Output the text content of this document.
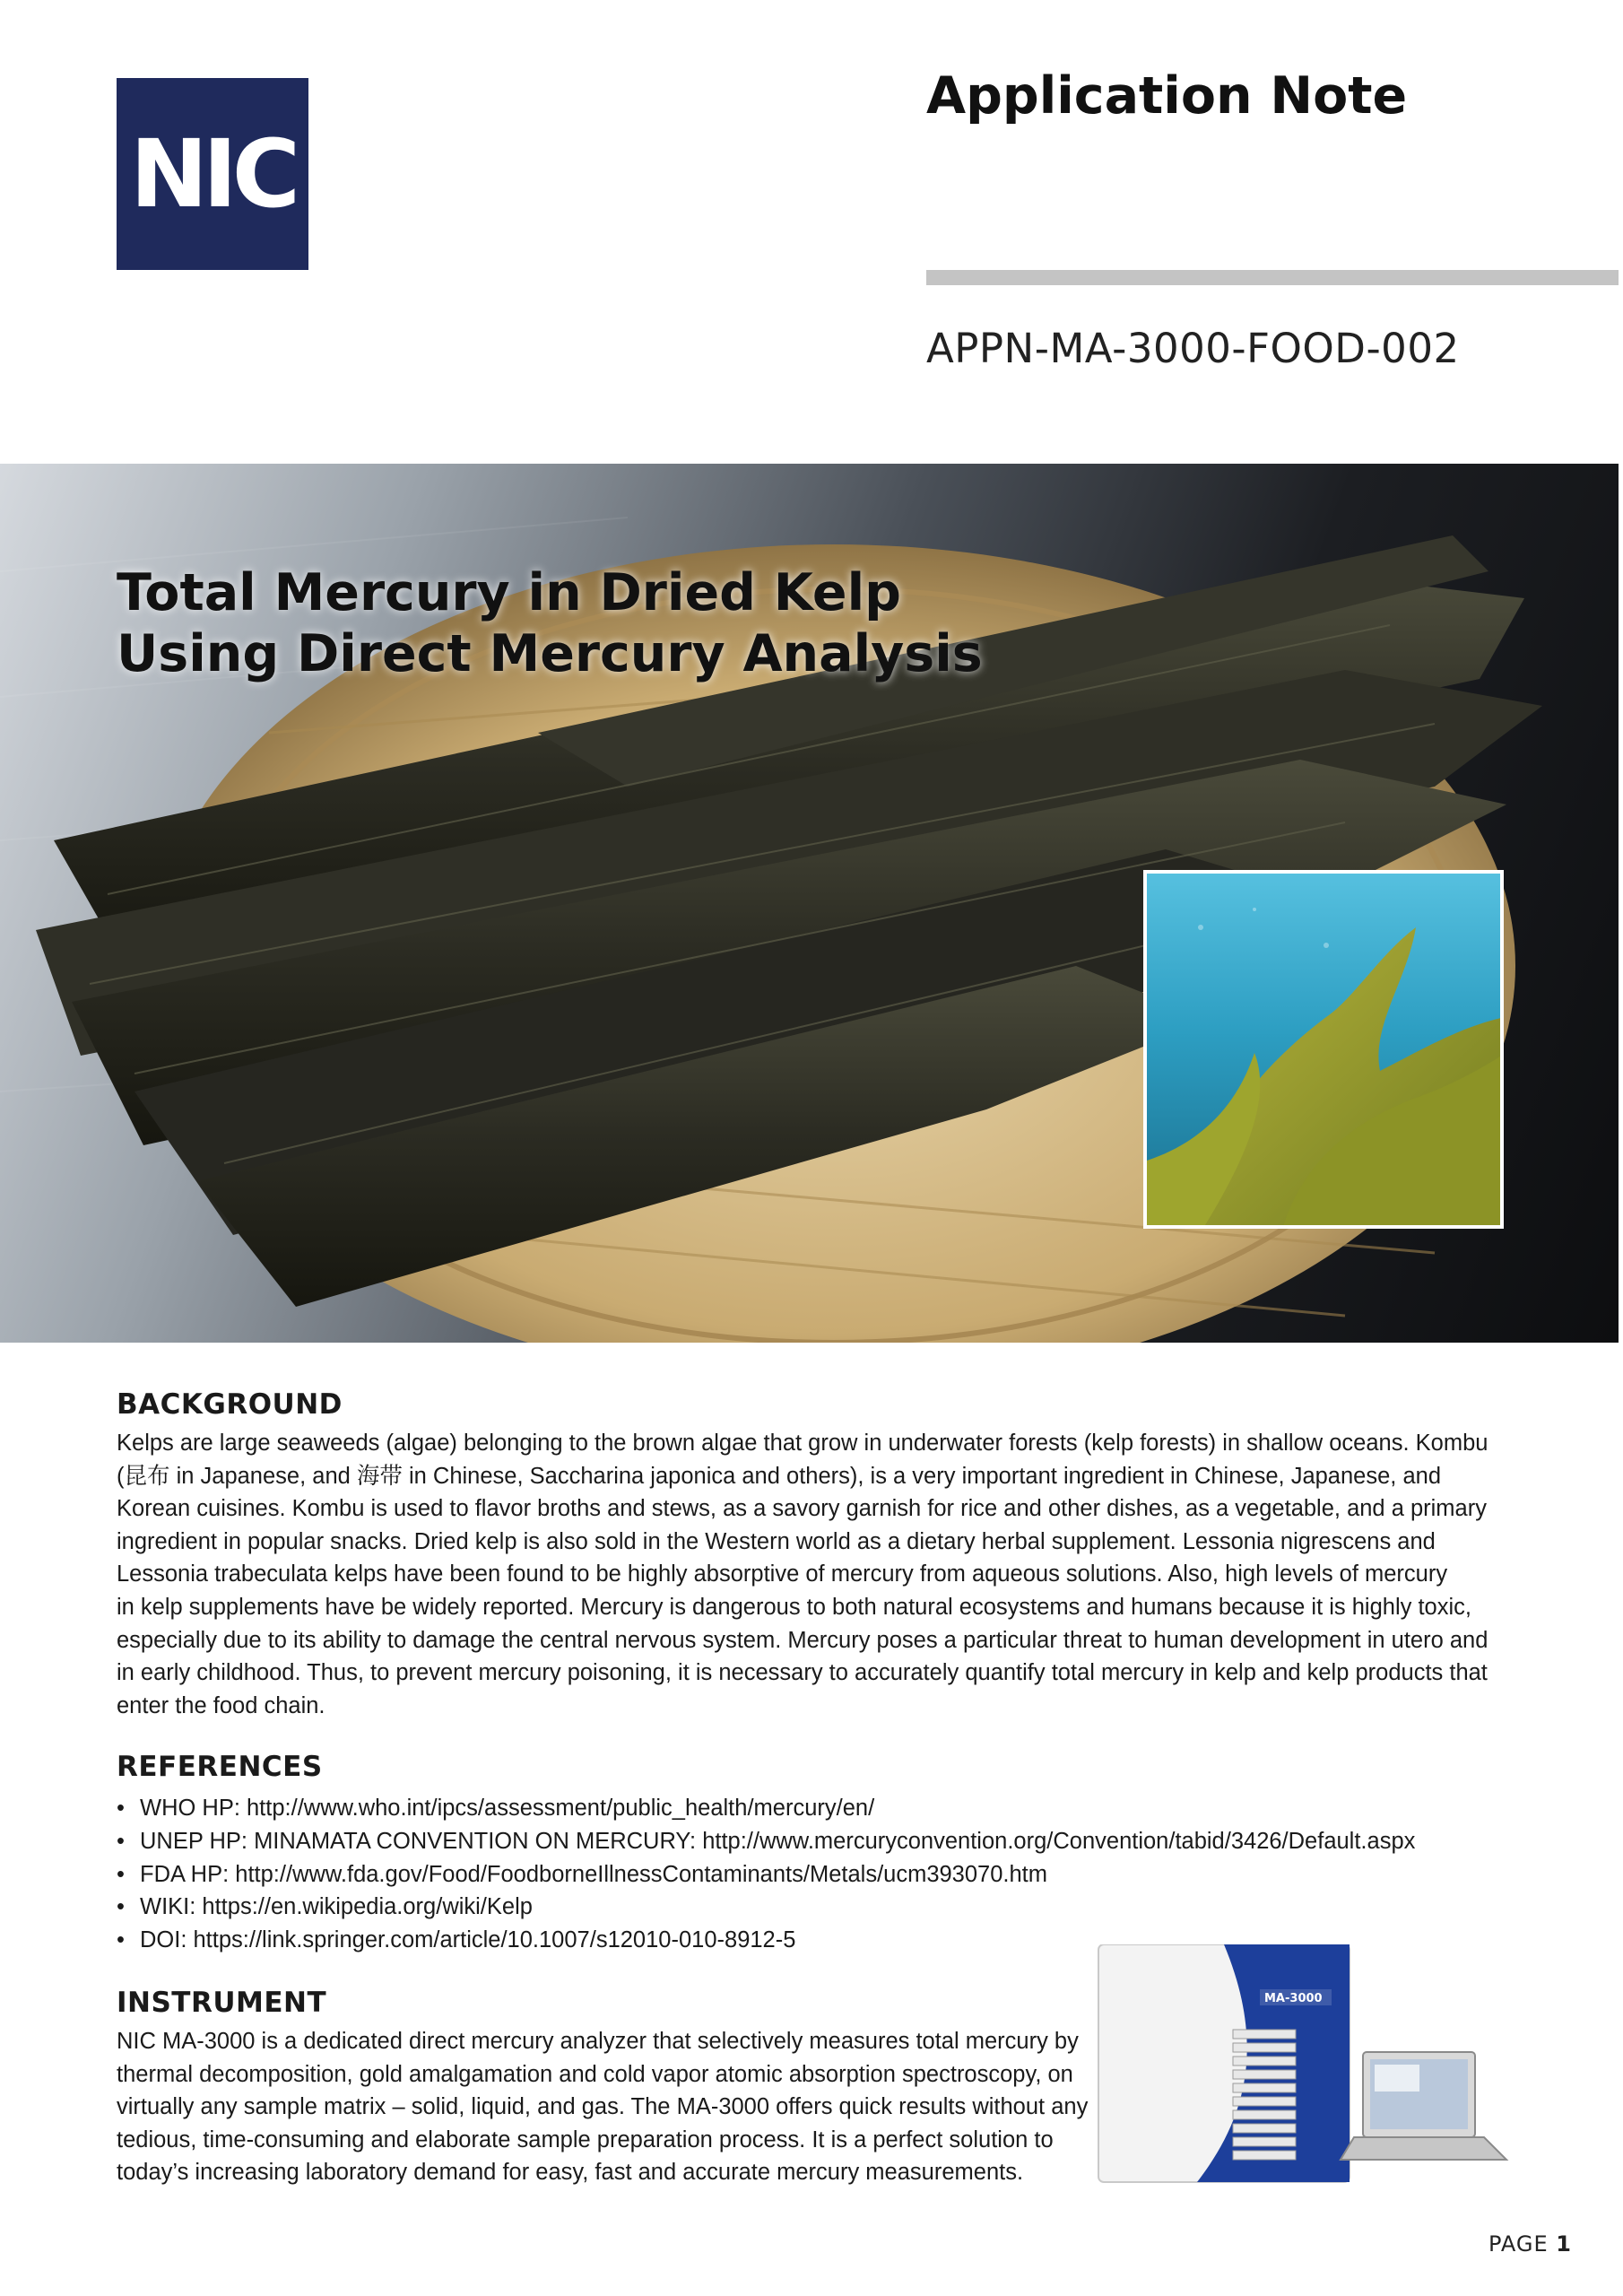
NIC
Application Note
APPN-MA-3000-FOOD-002
Total Mercury in Dried Kelp
Using Direct Mercury Analysis
BACKGROUND
Kelps are large seaweeds (algae) belonging to the brown algae that grow in underwater forests (kelp forests) in shallow oceans. Kombu
(昆布 in Japanese, and 海带 in Chinese, Saccharina japonica and others), is a very important ingredient in Chinese, Japanese, and
Korean cuisines. Kombu is used to flavor broths and stews, as a savory garnish for rice and other dishes, as a vegetable, and a primary
ingredient in popular snacks. Dried kelp is also sold in the Western world as a dietary herbal supplement. Lessonia nigrescens and
Lessonia trabeculata kelps have been found to be highly absorptive of mercury from aqueous solutions. Also, high levels of mercury
in kelp supplements have be widely reported. Mercury is dangerous to both natural ecosystems and humans because it is highly toxic,
especially due to its ability to damage the central nervous system. Mercury poses a particular threat to human development in utero and
in early childhood. Thus, to prevent mercury poisoning, it is necessary to accurately quantify total mercury in kelp and kelp products that
enter the food chain.
REFERENCES
• WHO HP: http://www.who.int/ipcs/assessment/public_health/mercury/en/
• UNEP HP: MINAMATA CONVENTION ON MERCURY: http://www.mercuryconvention.org/Convention/tabid/3426/Default.aspx
• FDA HP: http://www.fda.gov/Food/FoodborneIllnessContaminants/Metals/ucm393070.htm
• WIKI: https://en.wikipedia.org/wiki/Kelp
• DOI: https://link.springer.com/article/10.1007/s12010-010-8912-5
INSTRUMENT
NIC MA-3000 is a dedicated direct mercury analyzer that selectively measures total mercury by
thermal decomposition, gold amalgamation and cold vapor atomic absorption spectroscopy, on
virtually any sample matrix – solid, liquid, and gas. The MA-3000 offers quick results without any
tedious, time-consuming and elaborate sample preparation process. It is a perfect solution to
today’s increasing laboratory demand for easy, fast and accurate mercury measurements.
MA-3000
PAGE 1
